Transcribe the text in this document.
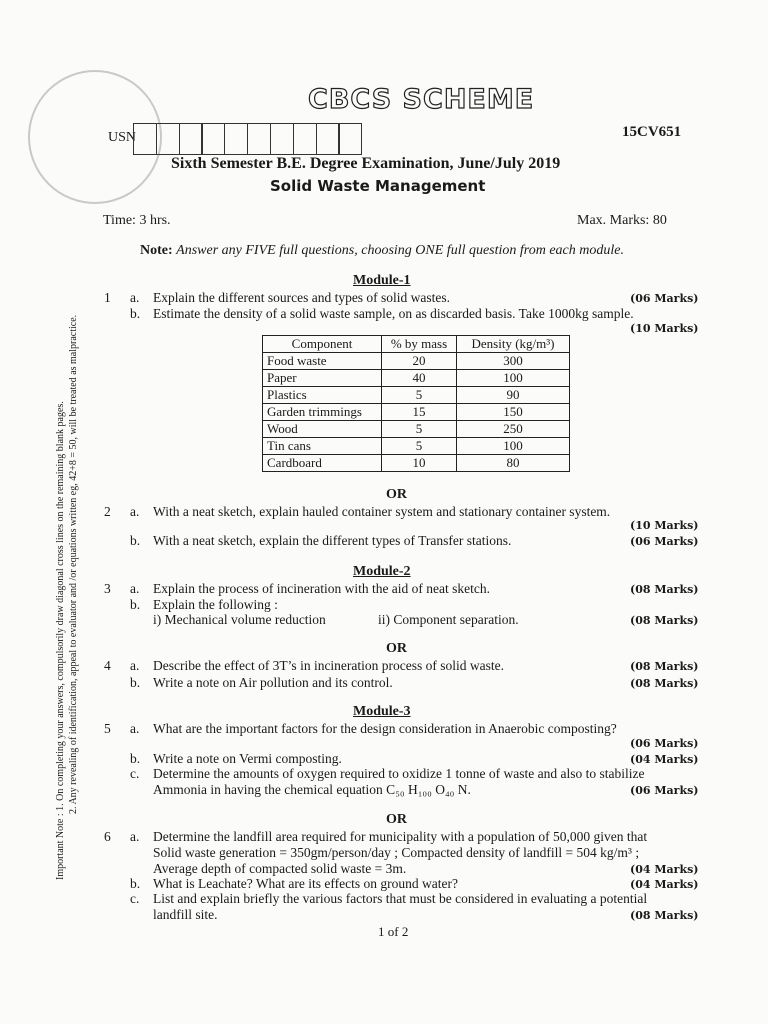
CBCS SCHEME
USN	15CV651
Sixth Semester B.E. Degree Examination, June/July 2019
Solid Waste Management
Time: 3 hrs.	Max. Marks: 80
Note: Answer any FIVE full questions, choosing ONE full question from each module.
Important Note : 1. On completing your answers, compulsorily draw diagonal cross lines on the remaining blank pages. 2. Any revealing of identification, appeal to evaluator and /or equations written eg, 42+8 = 50, will be treated as malpractice.
Module-1
1 a. Explain the different sources and types of solid wastes.	(06 Marks)
b. Estimate the density of a solid waste sample, on as discarded basis. Take 1000kg sample.
(10 Marks)
Component	% by mass	Density (kg/m³)
Food waste	20	300
Paper	40	100
Plastics	5	90
Garden trimmings	15	150
Wood	5	250
Tin cans	5	100
Cardboard	10	80
OR
2 a. With a neat sketch, explain hauled container system and stationary container system.
(10 Marks)
b. With a neat sketch, explain the different types of Transfer stations.	(06 Marks)
Module-2
3 a. Explain the process of incineration with the aid of neat sketch.	(08 Marks)
b. Explain the following :
i) Mechanical volume reduction	ii) Component separation.	(08 Marks)
OR
4 a. Describe the effect of 3T’s in incineration process of solid waste.	(08 Marks)
b. Write a note on Air pollution and its control.	(08 Marks)
Module-3
5 a. What are the important factors for the design consideration in Anaerobic composting?
(06 Marks)
b. Write a note on Vermi composting.	(04 Marks)
c. Determine the amounts of oxygen required to oxidize 1 tonne of waste and also to stabilize
Ammonia in having the chemical equation C₅₀ H₁₀₀ O₄₀ N.	(06 Marks)
OR
6 a. Determine the landfill area required for municipality with a population of 50,000 given that
Solid waste generation = 350gm/person/day ; Compacted density of landfill = 504 kg/m³ ;
Average depth of compacted solid waste = 3m.	(04 Marks)
b. What is Leachate? What are its effects on ground water?	(04 Marks)
c. List and explain briefly the various factors that must be considered in evaluating a potential
landfill site.	(08 Marks)
1 of 2
